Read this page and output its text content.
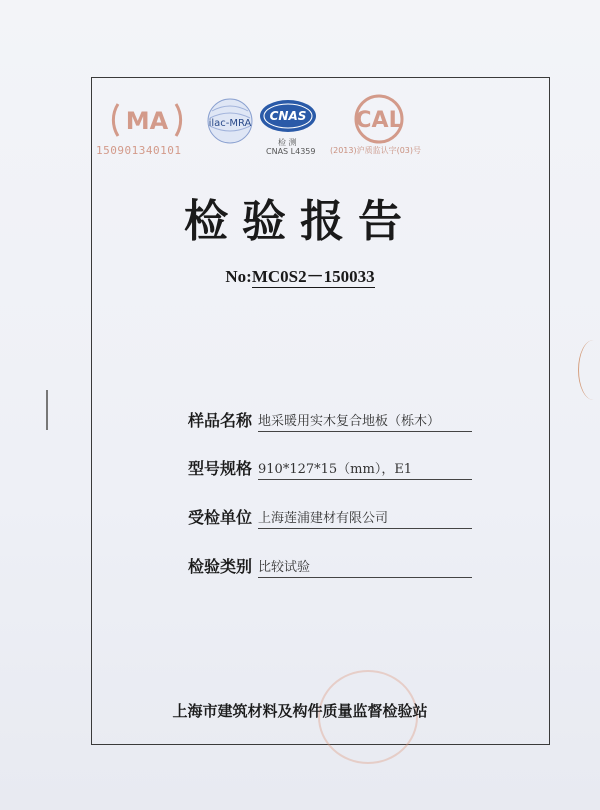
MA
150901340101
ilac-MRA
CNAS
检 测
CNAS L4359
CAL
(2013)沪质监认字(03)号
检验报告
No:MC0S2－150033
样品名称 地采暖用实木复合地板（栎木）
型号规格 910*127*15（mm），E1
受检单位 上海莲浦建材有限公司
检验类别 比较试验
上海市建筑材料及构件质量监督检验站
